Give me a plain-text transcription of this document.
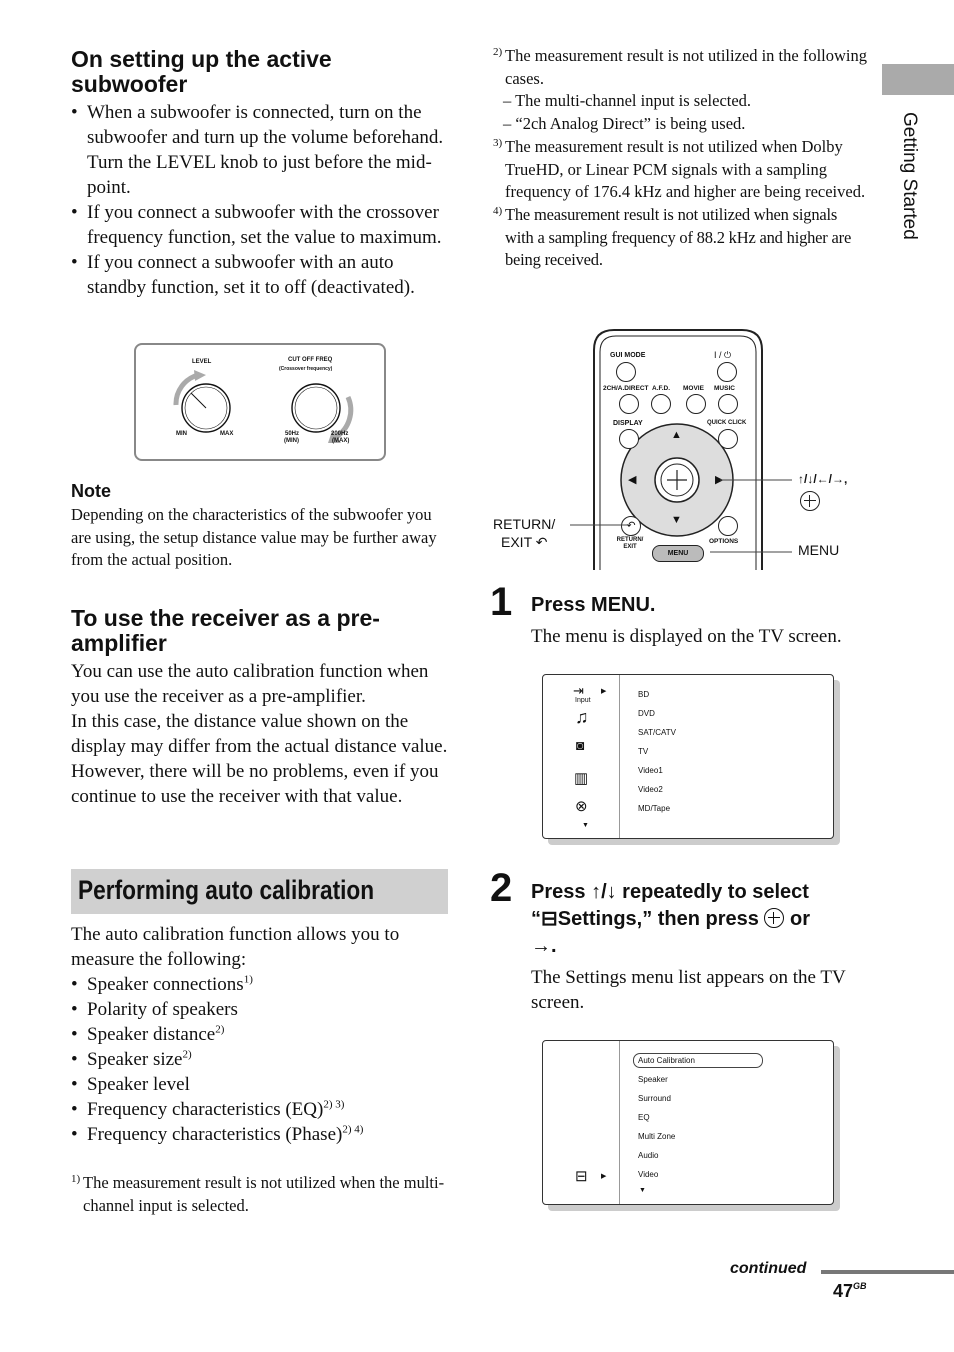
On setting up the active subwoofer
• When a subwoofer is connected, turn on the subwoofer and turn up the volume beforehand. Turn the LEVEL knob to just before the mid-point.
• If you connect a subwoofer with the crossover frequency function, set the value to maximum.
• If you connect a subwoofer with an auto standby function, set it to off (deactivated).
LEVEL	CUT OFF FREQ
(Crossover frequency)
MIN	MAX	50Hz
(MIN)
200Hz
(MAX)
Note
Depending on the characteristics of the subwoofer you are using, the setup distance value may be further away from the actual position.
To use the receiver as a pre-amplifier
You can use the auto calibration function when you use the receiver as a pre-amplifier.
In this case, the distance value shown on the display may differ from the actual distance value. However, there will be no problems, even if you continue to use the receiver with that value.
Performing auto calibration
The auto calibration function allows you to measure the following:
• Speaker connections$^{1)}$
• Polarity of speakers
• Speaker distance$^{2)}$
• Speaker size$^{2)}$
• Speaker level
• Frequency characteristics (EQ)$^{2) 3)}$
• Frequency characteristics (Phase)$^{2) 4)}$
1) The measurement result is not utilized when the multi-channel input is selected.
2) The measurement result is not utilized in the following cases.
– The multi-channel input is selected.
– “2ch Analog Direct” is being used.
3) The measurement result is not utilized when Dolby TrueHD, or Linear PCM signals with a sampling frequency of 176.4 kHz and higher are being received.
4) The measurement result is not utilized when signals with a sampling frequency of 88.2 kHz and higher are being received.
GUI MODE	I / ⏻
2CH/A.DIRECT A.F.D. MOVIE MUSIC
DISPLAY	QUICK CLICK
▲
▼
◀	▶
↶
RETURN/ EXIT
OPTIONS
MENU
RETURN/
EXIT ↶
↑/↓/←/→,
MENU
1 Press MENU.
The menu is displayed on the TV screen.
⇥
Input
▶
♫
◙
▥
⊗
▼
BD
DVD
SAT/CATV
TV
Video1
Video2
MD/Tape
2 Press ↑/↓ repeatedly to select
“⊟Settings,” then press
or
→.
The Settings menu list appears on the TV screen.
Auto Calibration
Speaker
Surround
EQ
Multi Zone
Audio
Video
▼
⊟ ▶
Getting Started
continued
$47^{GB}$
